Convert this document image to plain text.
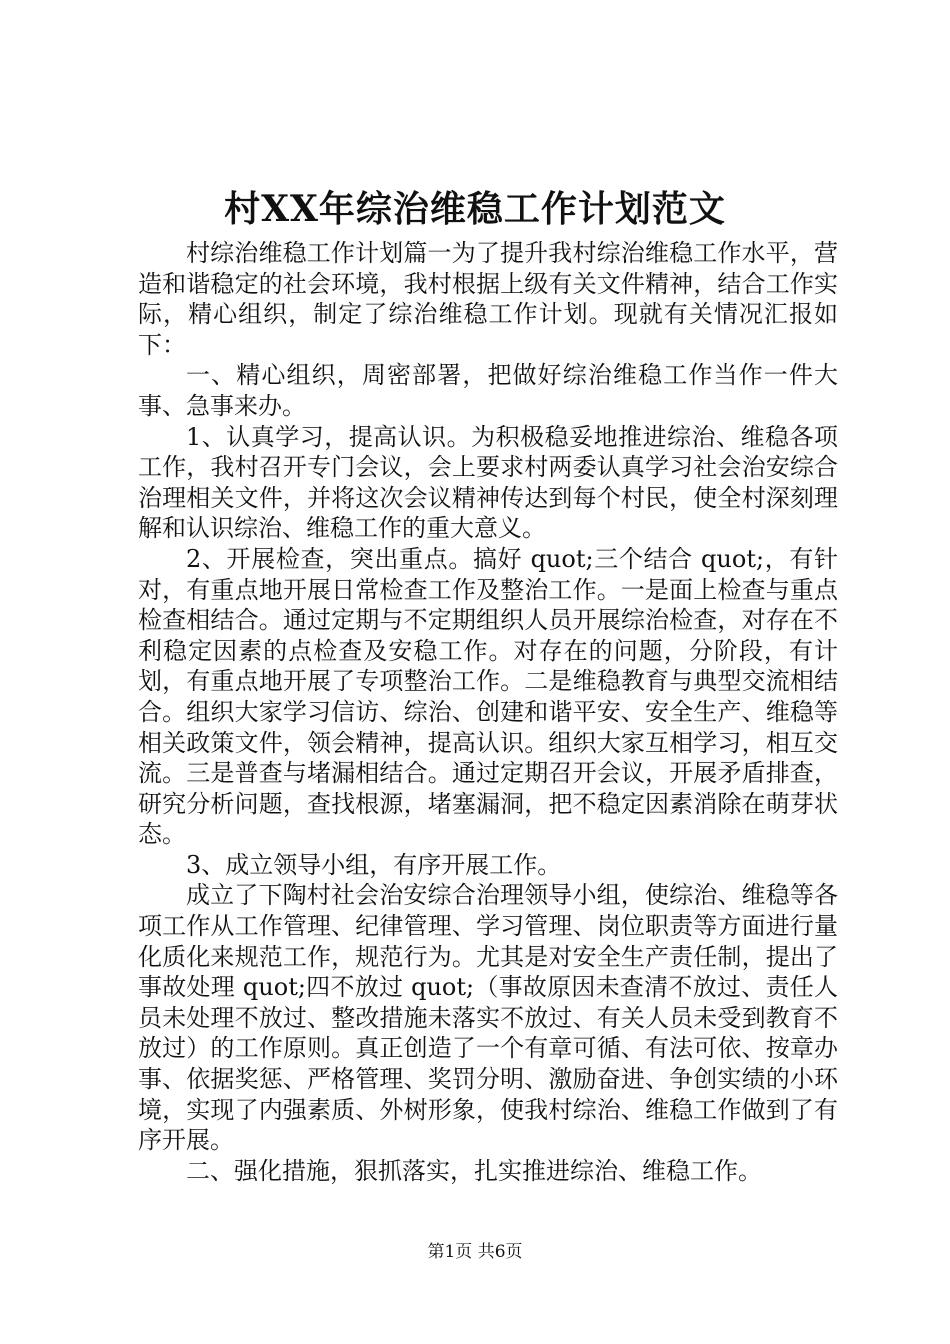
村XX年综治维稳工作计划范文

村综治维稳工作计划篇一为了提升我村综治维稳工作水平，营造和谐稳定的社会环境，我村根据上级有关文件精神，结合工作实际，精心组织，制定了综治维稳工作计划。现就有关情况汇报如下：

一、精心组织，周密部署，把做好综治维稳工作当作一件大事、急事来办。

1、认真学习，提高认识。为积极稳妥地推进综治、维稳各项工作，我村召开专门会议，会上要求村两委认真学习社会治安综合治理相关文件，并将这次会议精神传达到每个村民，使全村深刻理解和认识综治、维稳工作的重大意义。

2、开展检查，突出重点。搞好 quot;三个结合 quot;，有针对，有重点地开展日常检查工作及整治工作。一是面上检查与重点检查相结合。通过定期与不定期组织人员开展综治检查，对存在不利稳定因素的点检查及安稳工作。对存在的问题，分阶段，有计划，有重点地开展了专项整治工作。二是维稳教育与典型交流相结合。组织大家学习信访、综治、创建和谐平安、安全生产、维稳等相关政策文件，领会精神，提高认识。组织大家互相学习，相互交流。三是普查与堵漏相结合。通过定期召开会议，开展矛盾排查，研究分析问题，查找根源，堵塞漏洞，把不稳定因素消除在萌芽状态。

3、成立领导小组，有序开展工作。

成立了下陶村社会治安综合治理领导小组，使综治、维稳等各项工作从工作管理、纪律管理、学习管理、岗位职责等方面进行量化质化来规范工作，规范行为。尤其是对安全生产责任制，提出了事故处理 quot;四不放过 quot;（事故原因未查清不放过、责任人员未处理不放过、整改措施未落实不放过、有关人员未受到教育不放过）的工作原则。真正创造了一个有章可循、有法可依、按章办事、依据奖惩、严格管理、奖罚分明、激励奋进、争创实绩的小环境，实现了内强素质、外树形象，使我村综治、维稳工作做到了有序开展。

二、强化措施，狠抓落实，扎实推进综治、维稳工作。

第1页 共6页
